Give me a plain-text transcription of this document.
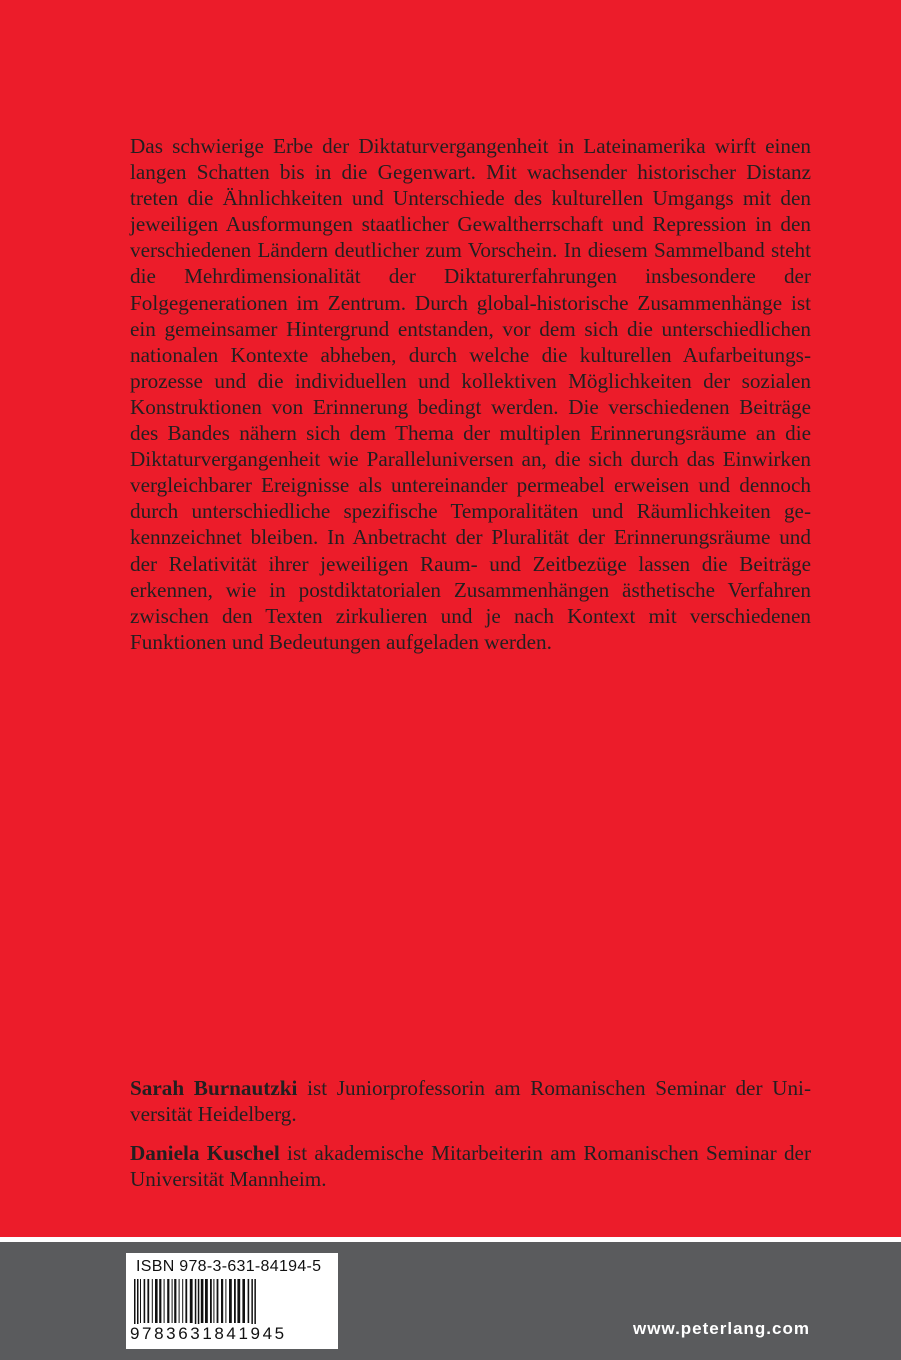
Das schwierige Erbe der Diktaturvergangenheit in Lateinamerika wirft einen langen Schatten bis in die Gegenwart. Mit wachsender historischer Distanz treten die Ähnlichkeiten und Unterschiede des kulturellen Umgangs mit den jeweiligen Ausformungen staatlicher Gewaltherrschaft und Repression in den verschiedenen Ländern deutlicher zum Vorschein. In diesem Sammelband steht die Mehrdimensionalität der Diktaturerfahrungen insbesondere der Folgegenerationen im Zentrum. Durch global-historische Zusammenhänge ist ein gemeinsamer Hintergrund entstanden, vor dem sich die unterschiedlichen nationalen Kontexte abheben, durch welche die kulturellen Aufarbeitungsprozesse und die individuellen und kollektiven Möglichkeiten der sozialen Konstruktionen von Erinnerung bedingt werden. Die verschiedenen Beiträge des Bandes nähern sich dem Thema der multiplen Erinnerungsräume an die Diktaturvergangenheit wie Paralleluniversen an, die sich durch das Einwirken vergleichbarer Ereignisse als untereinander permeabel erweisen und dennoch durch unterschiedliche spezifische Temporalitäten und Räumlichkeiten gekennzeichnet bleiben. In Anbetracht der Pluralität der Erinnerungsräume und der Relativität ihrer jeweiligen Raum- und Zeitbezüge lassen die Beiträge erkennen, wie in postdiktatorialen Zusammenhängen ästhetische Verfahren zwischen den Texten zirkulieren und je nach Kontext mit verschiedenen Funktionen und Bedeutungen aufgeladen werden.

Sarah Burnautzki ist Juniorprofessorin am Romanischen Seminar der Universität Heidelberg.

Daniela Kuschel ist akademische Mitarbeiterin am Romanischen Seminar der Universität Mannheim.

ISBN 978-3-631-84194-5
9783631841945	www.peterlang.com
